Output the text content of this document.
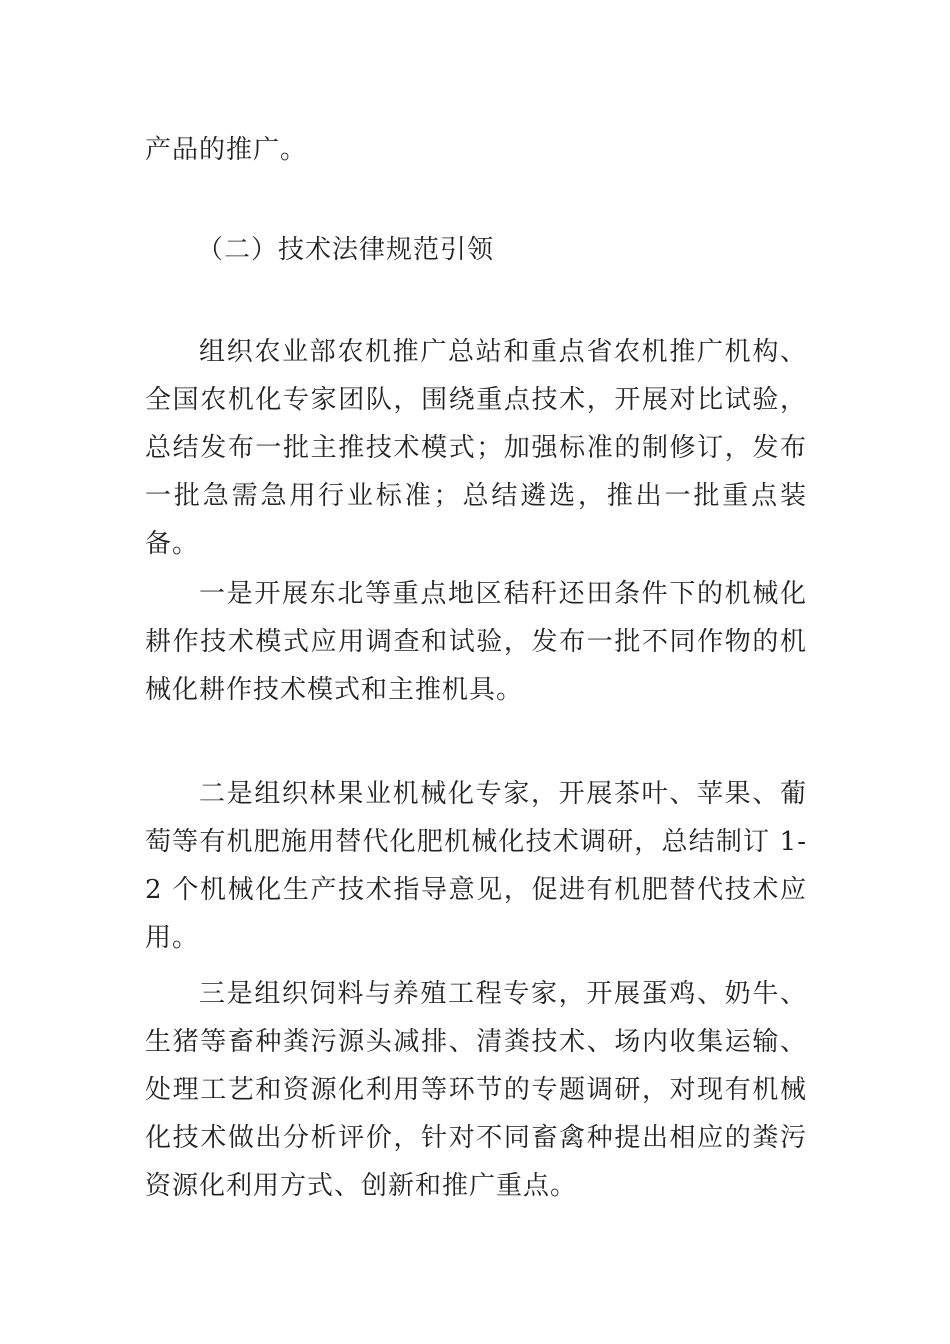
产品的推广。
（二）技术法律规范引领
组织农业部农机推广总站和重点省农机推广机构、全国农机化专家团队，围绕重点技术，开展对比试验，总结发布一批主推技术模式；加强标准的制修订，发布一批急需急用行业标准；总结遴选，推出一批重点装备。
一是开展东北等重点地区秸秆还田条件下的机械化耕作技术模式应用调查和试验，发布一批不同作物的机械化耕作技术模式和主推机具。
二是组织林果业机械化专家，开展茶叶、苹果、葡萄等有机肥施用替代化肥机械化技术调研，总结制订 1-2 个机械化生产技术指导意见，促进有机肥替代技术应用。
三是组织饲料与养殖工程专家，开展蛋鸡、奶牛、生猪等畜种粪污源头减排、清粪技术、场内收集运输、处理工艺和资源化利用等环节的专题调研，对现有机械化技术做出分析评价，针对不同畜禽种提出相应的粪污资源化利用方式、创新和推广重点。
